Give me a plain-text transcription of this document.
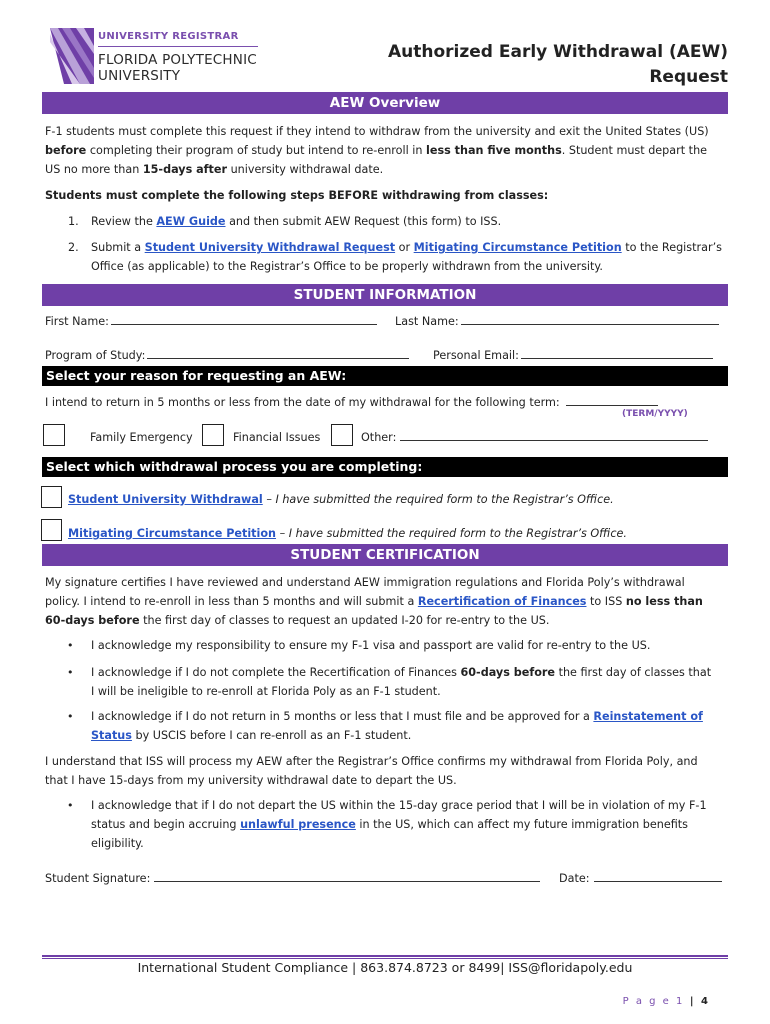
UNIVERSITY REGISTRAR
FLORIDA POLYTECHNIC
UNIVERSITY
Authorized Early Withdrawal (AEW)
Request
AEW Overview
F-1 students must complete this request if they intend to withdraw from the university and exit the United States (US)
before completing their program of study but intend to re-enroll in less than five months. Student must depart the
US no more than 15-days after university withdrawal date.
Students must complete the following steps BEFORE withdrawing from classes:
1. Review the AEW Guide and then submit AEW Request (this form) to ISS.
2. Submit a Student University Withdrawal Request or Mitigating Circumstance Petition to the Registrar’s
Office (as applicable) to the Registrar’s Office to be properly withdrawn from the university.
STUDENT INFORMATION
First Name:	Last Name:
Program of Study:	Personal Email:
Select your reason for requesting an AEW:
I intend to return in 5 months or less from the date of my withdrawal for the following term:
(TERM/YYYY)
Family Emergency	Financial Issues	Other:
Select which withdrawal process you are completing:
Student University Withdrawal – I have submitted the required form to the Registrar’s Office.
Mitigating Circumstance Petition – I have submitted the required form to the Registrar’s Office.
STUDENT CERTIFICATION
My signature certifies I have reviewed and understand AEW immigration regulations and Florida Poly’s withdrawal
policy. I intend to re-enroll in less than 5 months and will submit a Recertification of Finances to ISS no less than
60-days before the first day of classes to request an updated I-20 for re-entry to the US.
• I acknowledge my responsibility to ensure my F-1 visa and passport are valid for re-entry to the US.
• I acknowledge if I do not complete the Recertification of Finances 60-days before the first day of classes that
I will be ineligible to re-enroll at Florida Poly as an F-1 student.
• I acknowledge if I do not return in 5 months or less that I must file and be approved for a Reinstatement of
Status by USCIS before I can re-enroll as an F-1 student.
I understand that ISS will process my AEW after the Registrar’s Office confirms my withdrawal from Florida Poly, and
that I have 15-days from my university withdrawal date to depart the US.
• I acknowledge that if I do not depart the US within the 15-day grace period that I will be in violation of my F-1
status and begin accruing unlawful presence in the US, which can affect my future immigration benefits
eligibility.
Student Signature:	Date:
International Student Compliance | 863.874.8723 or 8499| ISS@floridapoly.edu
P a g e 1 | 4
